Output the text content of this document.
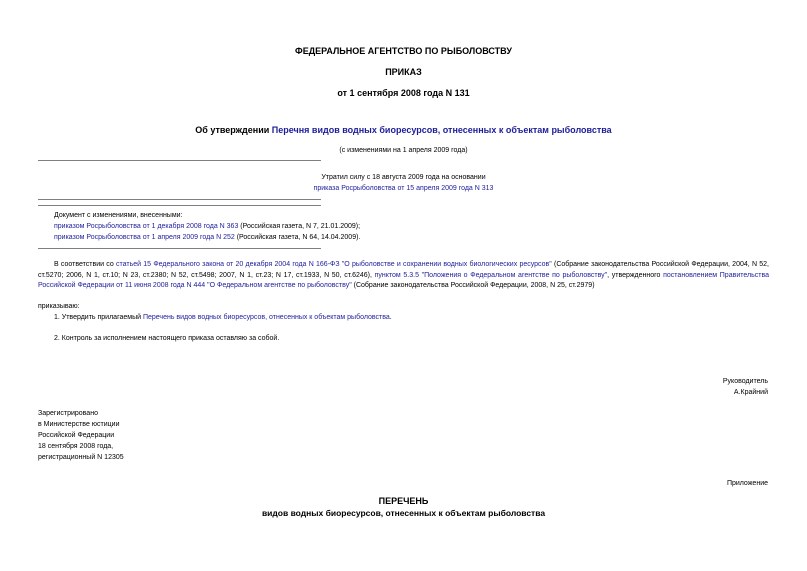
ФЕДЕРАЛЬНОЕ АГЕНТСТВО ПО РЫБОЛОВСТВУ
ПРИКАЗ
от 1 сентября 2008 года N 131
Об утверждении Перечня видов водных биоресурсов, отнесенных к объектам рыболовства
(с изменениями на 1 апреля 2009 года)
Утратил силу с 18 августа 2009 года на основании
приказа Росрыболовства от 15 апреля 2009 года N 313
Документ с изменениями, внесенными:
приказом Росрыболовства от 1 декабря 2008 года N 363 (Российская газета, N 7, 21.01.2009);
приказом Росрыболовства от 1 апреля 2009 года N 252 (Российская газета, N 64, 14.04.2009).
В соответствии со статьей 15 Федерального закона от 20 декабря 2004 года N 166-ФЗ "О рыболовстве и сохранении водных биологических ресурсов" (Собрание законодательства Российской Федерации, 2004, N 52, ст.5270; 2006, N 1, ст.10; N 23, ст.2380; N 52, ст.5498; 2007, N 1, ст.23; N 17, ст.1933, N 50, ст.6246), пунктом 5.3.5 "Положения о Федеральном агентстве по рыболовству", утвержденного постановлением Правительства Российской Федерации от 11 июня 2008 года N 444 "О Федеральном агентстве по рыболовству" (Собрание законодательства Российской Федерации, 2008, N 25, ст.2979)
приказываю:
1. Утвердить прилагаемый Перечень видов водных биоресурсов, отнесенных к объектам рыболовства.
2. Контроль за исполнением настоящего приказа оставляю за собой.
Руководитель
А.Крайний
Зарегистрировано
в Министерстве юстиции
Российской Федерации
18 сентября 2008 года,
регистрационный N 12305
Приложение
ПЕРЕЧЕНЬ
видов водных биоресурсов, отнесенных к объектам рыболовства
